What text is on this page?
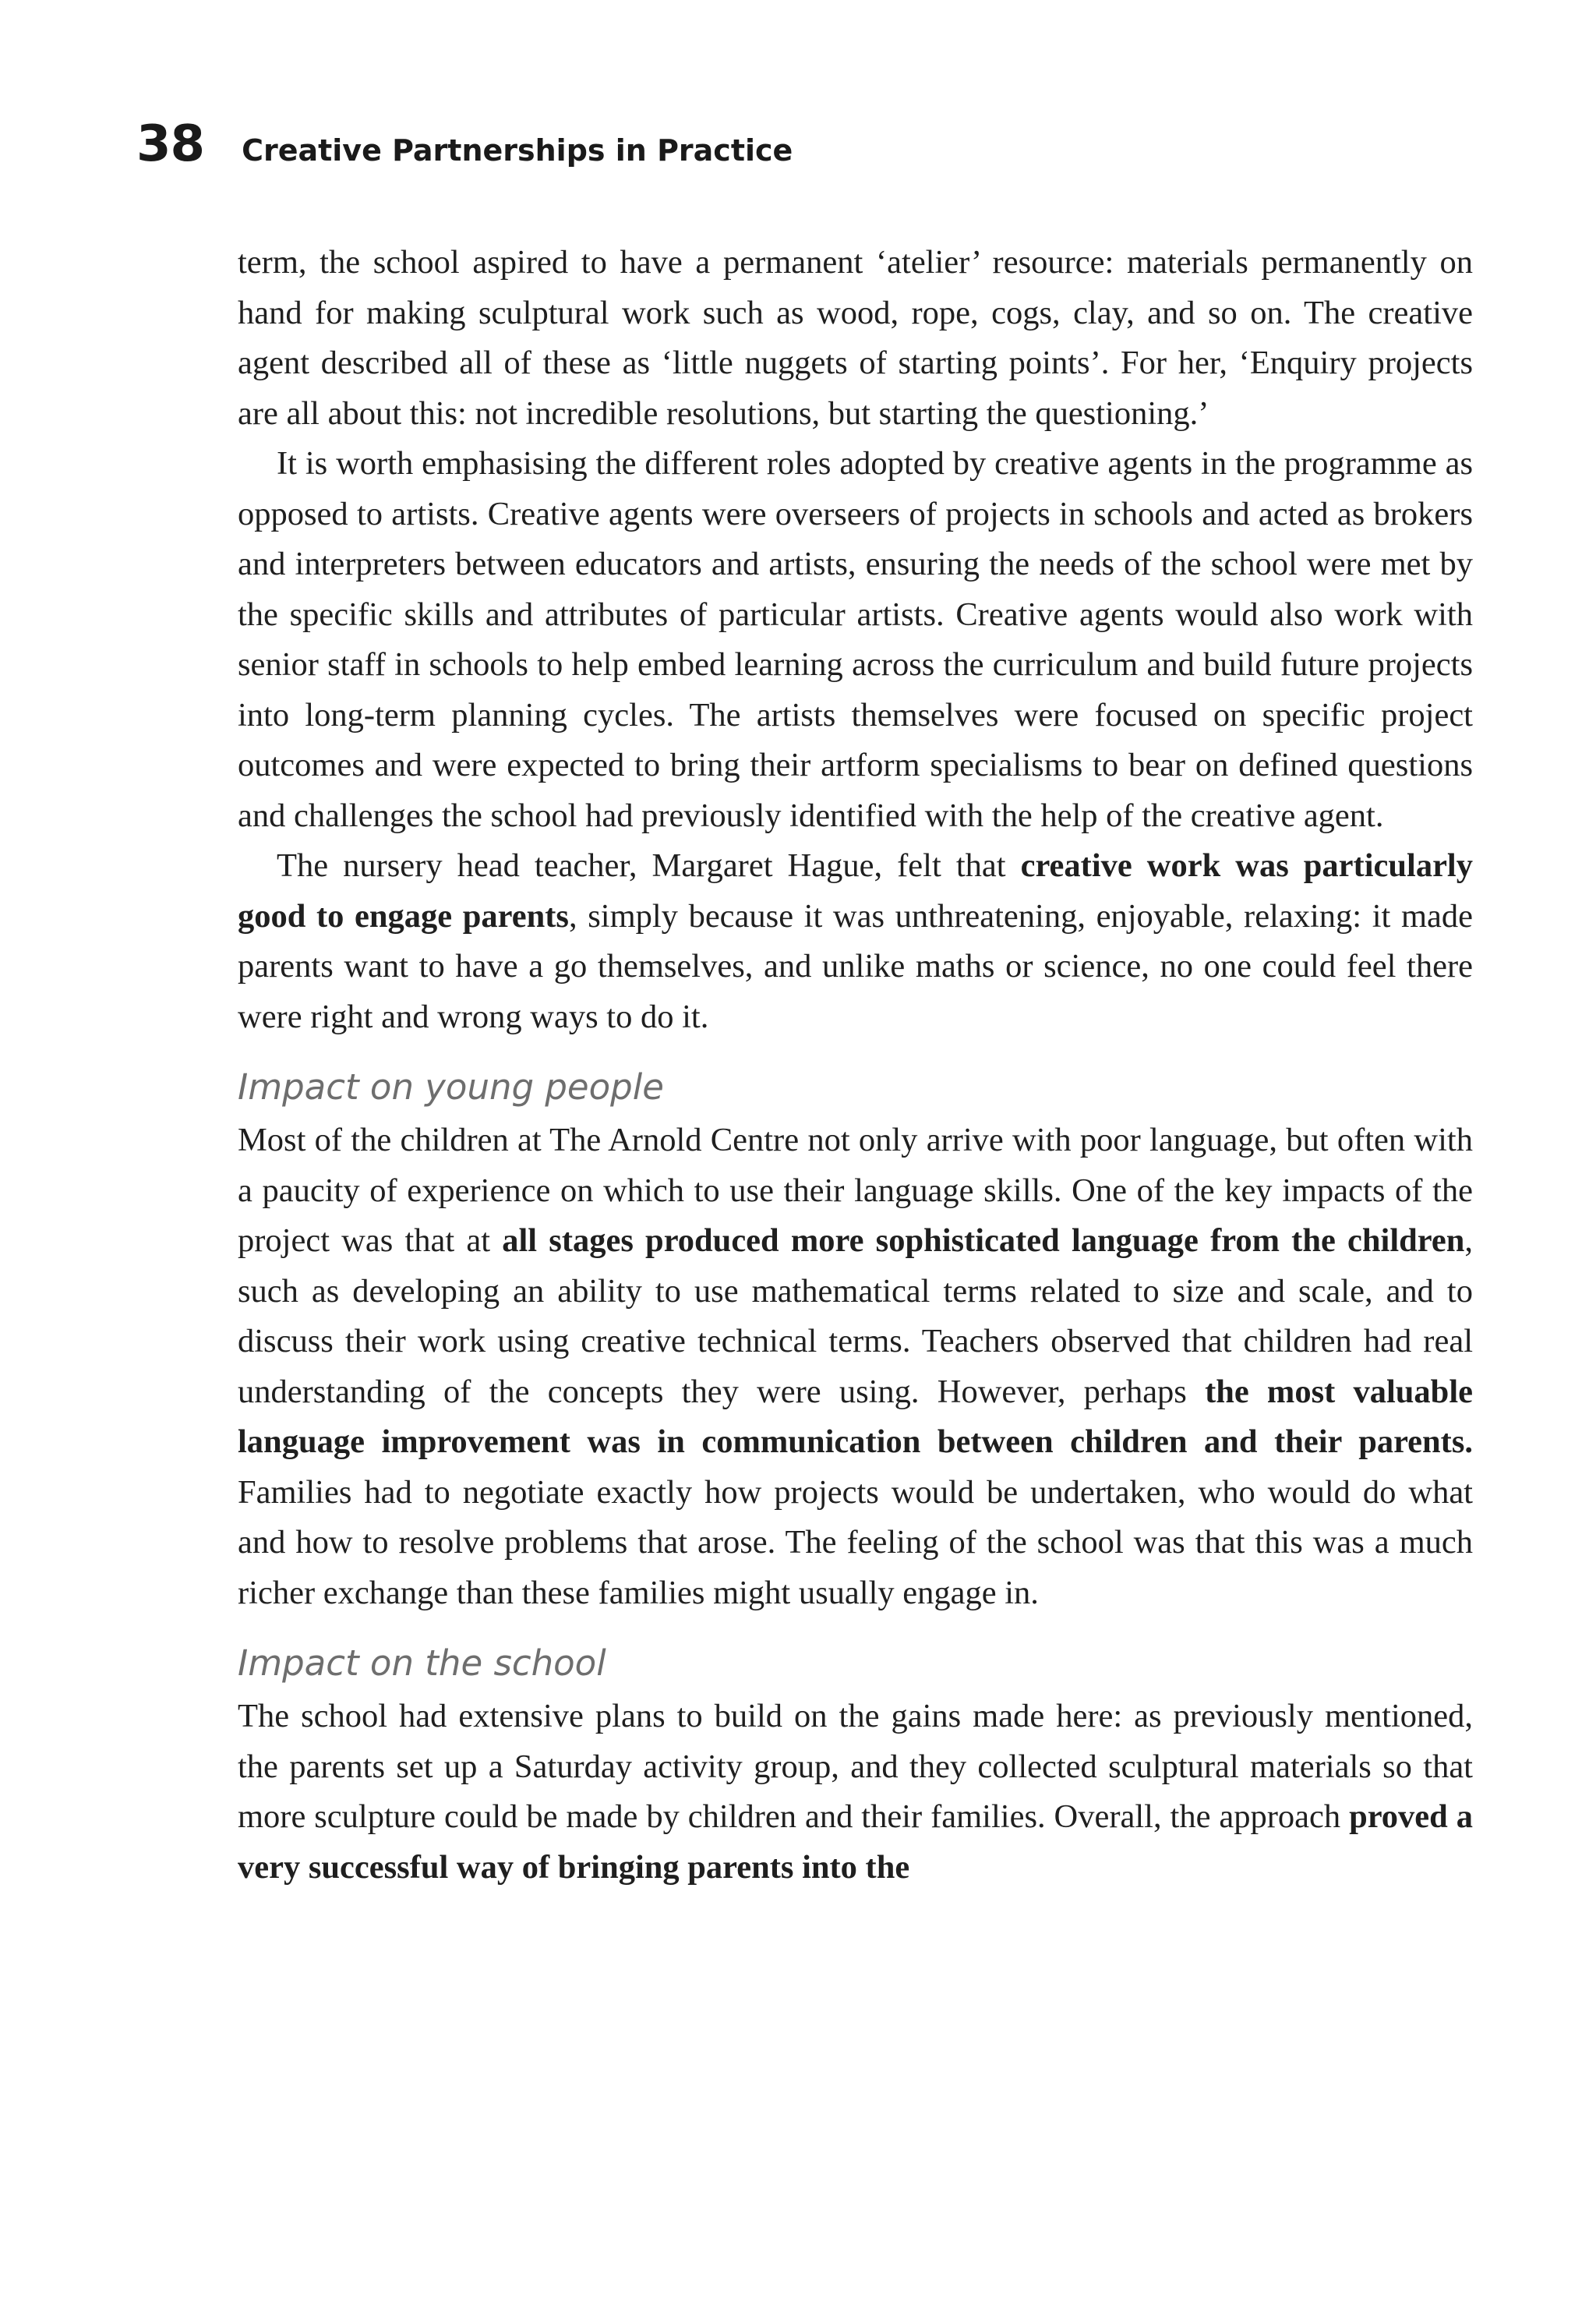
38 Creative Partnerships in Practice

term, the school aspired to have a permanent ‘atelier’ resource: materials permanently on hand for making sculptural work such as wood, rope, cogs, clay, and so on. The creative agent described all of these as ‘little nuggets of starting points’. For her, ‘Enquiry projects are all about this: not incredible resolutions, but starting the questioning.’

It is worth emphasising the different roles adopted by creative agents in the programme as opposed to artists. Creative agents were overseers of projects in schools and acted as brokers and interpreters between educators and artists, ensuring the needs of the school were met by the specific skills and attributes of particular artists. Creative agents would also work with senior staff in schools to help embed learning across the curriculum and build future projects into long-term planning cycles. The artists themselves were focused on specific project outcomes and were expected to bring their artform specialisms to bear on defined questions and challenges the school had previously identified with the help of the creative agent.

The nursery head teacher, Margaret Hague, felt that creative work was particularly good to engage parents, simply because it was unthreatening, enjoyable, relaxing: it made parents want to have a go themselves, and unlike maths or science, no one could feel there were right and wrong ways to do it.

Impact on young people

Most of the children at The Arnold Centre not only arrive with poor language, but often with a paucity of experience on which to use their language skills. One of the key impacts of the project was that at all stages produced more sophisticated language from the children, such as developing an ability to use mathematical terms related to size and scale, and to discuss their work using creative technical terms. Teachers observed that children had real understanding of the concepts they were using. However, perhaps the most valuable language improvement was in communication between children and their parents. Families had to negotiate exactly how projects would be undertaken, who would do what and how to resolve problems that arose. The feeling of the school was that this was a much richer exchange than these families might usually engage in.

Impact on the school

The school had extensive plans to build on the gains made here: as previously mentioned, the parents set up a Saturday activity group, and they collected sculptural materials so that more sculpture could be made by children and their families. Overall, the approach proved a very successful way of bringing parents into the
